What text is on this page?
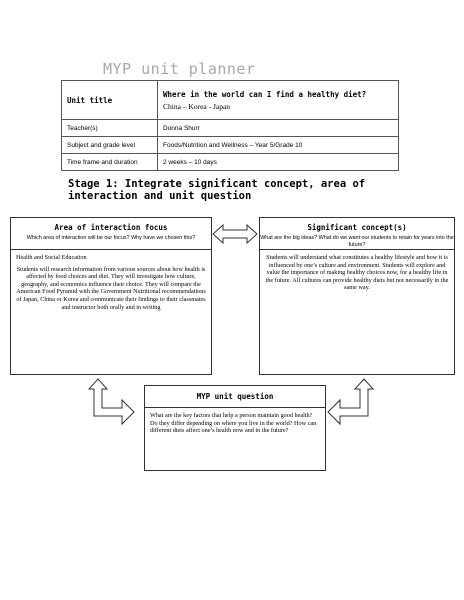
MYP unit planner
Unit title	Where in the world can I find a healthy diet?
China – Korea - Japan

Teacher(s)	Donna Shurr
Subject and grade level	Foods/Nutrition and Wellness – Year 5/Grade 10
Time frame and duration	2 weeks – 10 days
Stage 1: Integrate significant concept, area of interaction and unit question
Area of interaction focus
Which area of interaction will be our focus? Why have we chosen this?
Health and Social Education
Students will research information from various sources about how health is affected by food choices and diet. They will investigate how culture, geography, and economics influence their choice. They will compare the American Food Pyramid with the Government Nutritional recommendations of Japan, China or Korea and communicate their findings to their classmates and instructor both orally and in writing
Significant concept(s)
What are the big ideas? What do we want our students to retain for years into the future?
Students will understand what constitutes a healthy lifestyle and how it is influenced by one’s culture and environment. Students will explore and value the importance of making healthy choices now, for a healthy life in the future. All cultures can provide healthy diets but not necessarily in the same way.
MYP unit question
What are the key factors that help a person maintain good health? Do they differ depending on where you live in the world? How can different diets affect one’s health now and in the future?
